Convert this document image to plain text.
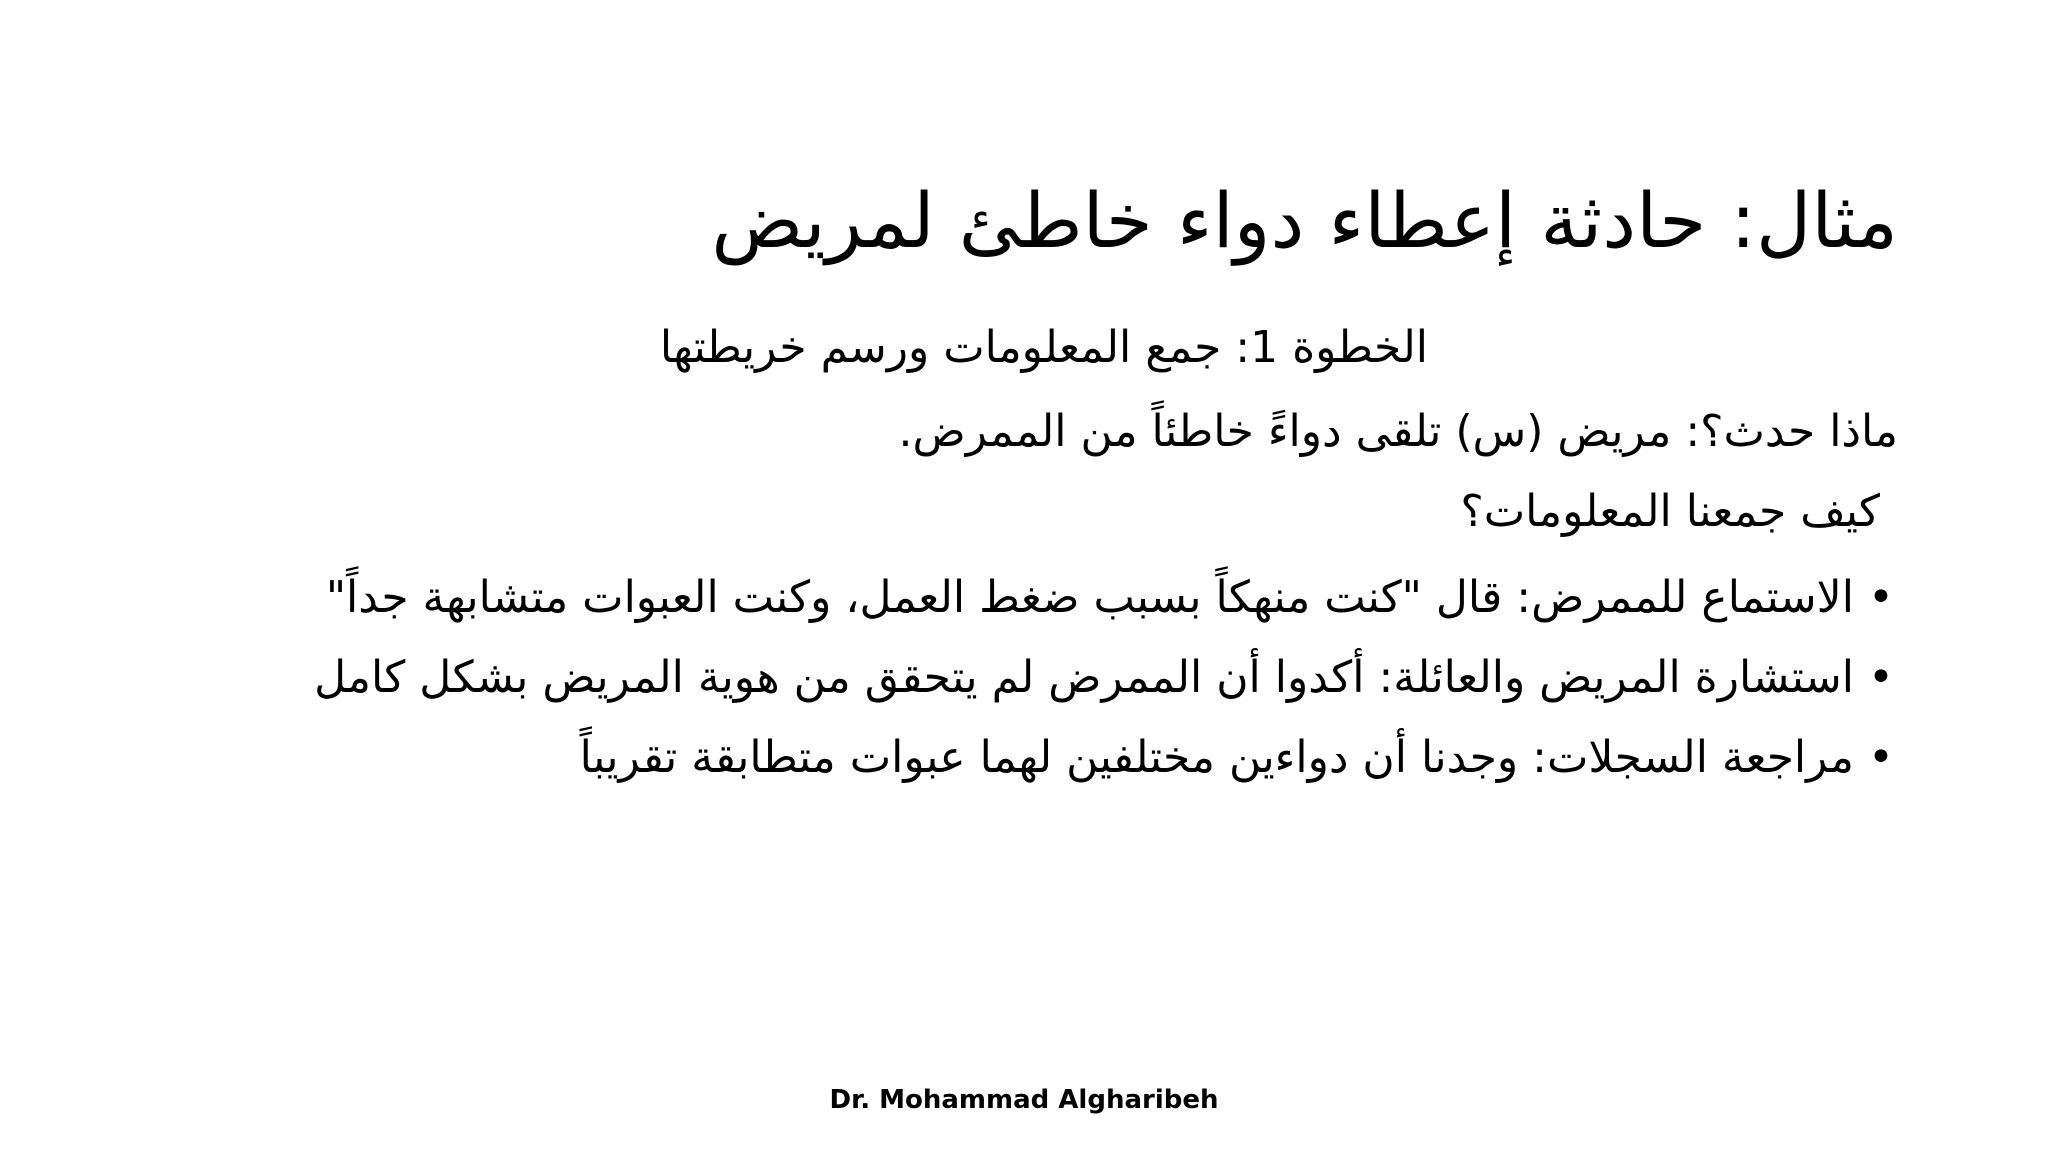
مثال: حادثة إعطاء دواء خاطئ لمريض
الخطوة 1: جمع المعلومات ورسم خريطتها
ماذا حدث؟: مريض (س) تلقى دواءً خاطئاً من الممرض.
كيف جمعنا المعلومات؟
•
الاستماع للممرض: قال "كنت منهكاً بسبب ضغط العمل، وكنت العبوات متشابهة جداً"
•
استشارة المريض والعائلة: أكدوا أن الممرض لم يتحقق من هوية المريض بشكل كامل
•
مراجعة السجلات: وجدنا أن دواءين مختلفين لهما عبوات متطابقة تقريباً
Dr. Mohammad Algharibeh
